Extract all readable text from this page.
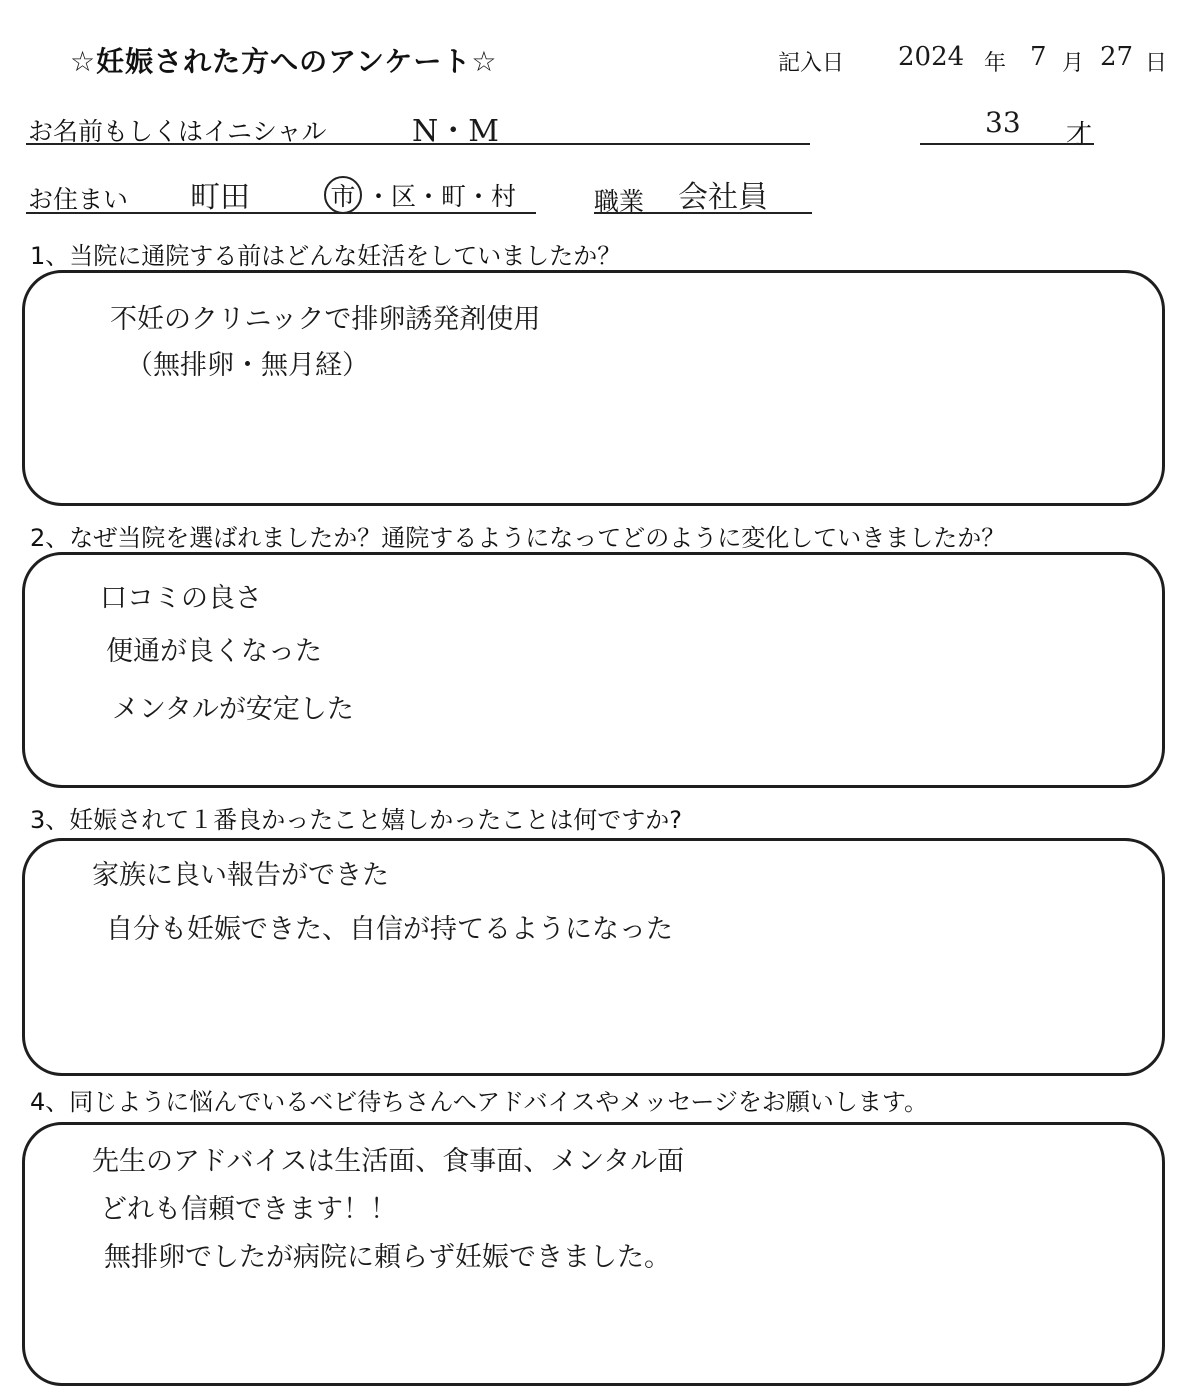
☆妊娠された方へのアンケート☆	記入日 2024 年 7 月 27 日
お名前もしくはイニシャル	N・M	33 才
お住まい 町田	市 ・区・町・村	職業 会社員
1、当院に通院する前はどんな妊活をしていましたか？
不妊のクリニックで排卵誘発剤使用
（無排卵・無月経）
2、なぜ当院を選ばれましたか？通院するようになってどのように変化していきましたか？
口コミの良さ
便通が良くなった
メンタルが安定した
3、妊娠されて１番良かったこと嬉しかったことは何ですか?
家族に良い報告ができた
自分も妊娠できた、自信が持てるようになった
4、同じように悩んでいるベビ待ちさんへアドバイスやメッセージをお願いします。
先生のアドバイスは生活面、食事面、メンタル面
どれも信頼できます！！
無排卵でしたが病院に頼らず妊娠できました。
